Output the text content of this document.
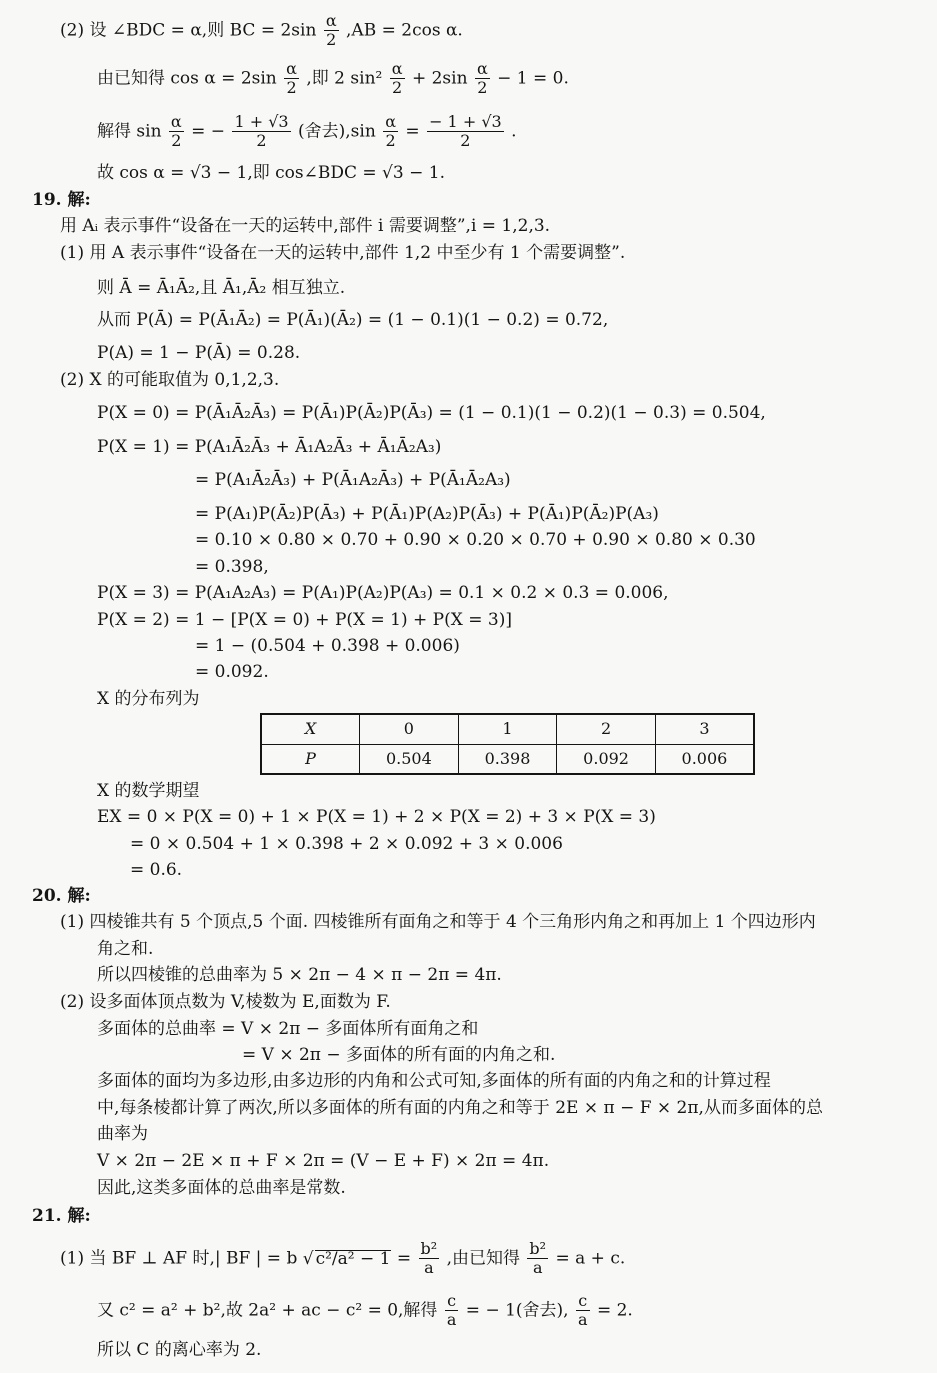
(2) 设 ∠BDC = α,则 BC = $2\sin \frac{\alpha}{2} ,AB = 2\cos$ α.
由已知得 $\cos \alpha = 2\sin \frac{\alpha}{2}$ ,即 2 $\sin^2 \frac{\alpha}{2} + 2\sin \frac{\alpha}{2} - 1 = 0$.
解得 $\sin \frac{\alpha}{2}$ = − $\frac{1 + √3}{2}$ (舍去)$,\sin \frac{\alpha}{2} = \frac{- 1 + √3}{2}$ .
故 cos α = √3 − 1,即 cos∠BDC = √3 − 1.
19. 解:
用 Aᵢ 表示事件“设备在一天的运转中,部件 i 需要调整”,i = 1,2,3.
(1) 用 A 表示事件“设备在一天的运转中,部件 1,2 中至少有 1 个需要调整”.
则 Ā = Ā₁Ā₂,且 Ā₁,Ā₂ 相互独立.
从而 P(Ā) = P(Ā₁Ā₂) = P(Ā₁)(Ā₂) = (1 − 0.1)(1 − 0.2) = 0.72,
P(A) = 1 − P(Ā) = 0.28.
(2) X 的可能取值为 0,1,2,3.
P(X = 0) = P(Ā₁Ā₂Ā₃) = P(Ā₁)P(Ā₂)P(Ā₃) = (1 − 0.1)(1 − 0.2)(1 − 0.3) = 0.504,
P(X = 1) = P(A₁Ā₂Ā₃ + Ā₁A₂Ā₃ + Ā₁Ā₂A₃)
= P(A₁Ā₂Ā₃) + P(Ā₁A₂Ā₃) + P(Ā₁Ā₂A₃)
= P(A₁)P(Ā₂)P(Ā₃) + P(Ā₁)P(A₂)P(Ā₃) + P(Ā₁)P(Ā₂)P(A₃)
= 0.10 × 0.80 × 0.70 + 0.90 × 0.20 × 0.70 + 0.90 × 0.80 × 0.30
= 0.398,
P(X = 3) = P(A₁A₂A₃) = P(A₁)P(A₂)P(A₃) = 0.1 × 0.2 × 0.3 = 0.006,
P(X = 2) = 1 − [P(X = 0) + P(X = 1) + P(X = 3)]
= 1 − (0.504 + 0.398 + 0.006)
= 0.092.
X 的分布列为
X	0	1	2	3
P	0.504	0.398	0.092	0.006
X 的数学期望
EX = 0 × P(X = 0) + 1 × P(X = 1) + 2 × P(X = 2) + 3 × P(X = 3)
= 0 × 0.504 + 1 × 0.398 + 2 × 0.092 + 3 × 0.006
= 0.6.
20. 解:
(1) 四棱锥共有 5 个顶点,5 个面. 四棱锥所有面角之和等于 4 个三角形内角之和再加上 1 个四边形内
角之和.
所以四棱锥的总曲率为 5 × 2π − 4 × π − 2π = 4π.
(2) 设多面体顶点数为 V,棱数为 E,面数为 F.
多面体的总曲率 = V × 2π − 多面体所有面角之和
= V × 2π − 多面体的所有面的内角之和.
多面体的面均为多边形,由多边形的内角和公式可知,多面体的所有面的内角之和的计算过程
中,每条棱都计算了两次,所以多面体的所有面的内角之和等于 2E × π − F × 2π,从而多面体的总
曲率为
V × 2π − 2E × π + F × 2π = (V − E + F) × 2π = 4π.
因此,这类多面体的总曲率是常数.
21. 解:
(1) 当 BF ⊥ AF 时,| BF | = b √ $c^2/a^2 - 1 = \frac{\text{b²}}{a}$ ,由已知得 $\frac{\text{b²}}{a} = a + c$.
又 c² = a² + b²,故 2a² + ac − c² = 0,解得 $\frac{c}{a}$ = − 1(舍去), $\frac{c}{a} = 2$.
所以 C 的离心率为 2.
